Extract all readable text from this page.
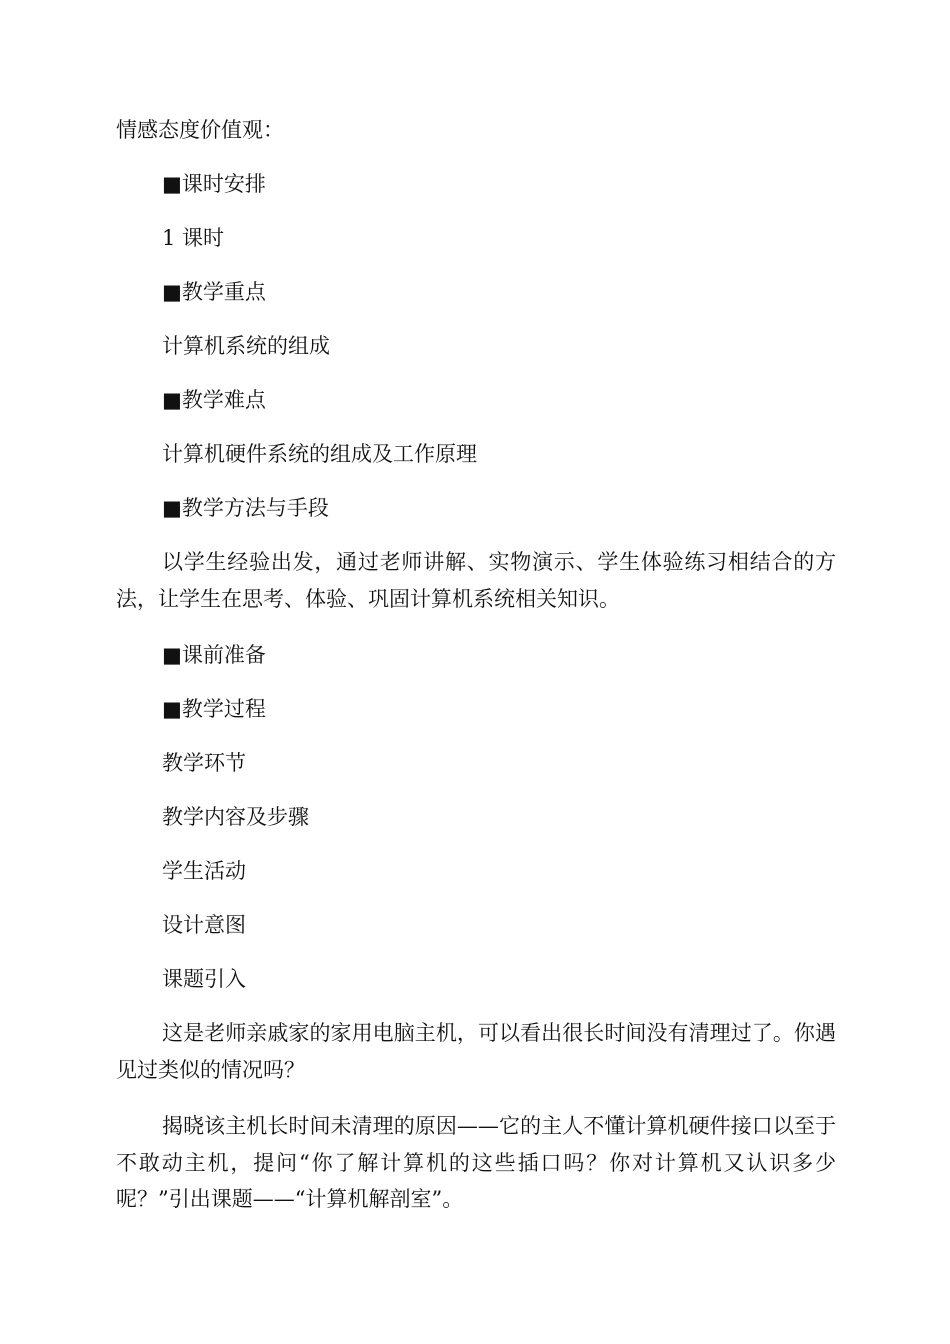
情感态度价值观：
■课时安排
1 课时
■教学重点
计算机系统的组成
■教学难点
计算机硬件系统的组成及工作原理
■教学方法与手段
以学生经验出发，通过老师讲解、实物演示、学生体验练习相结合的方法，让学生在思考、体验、巩固计算机系统相关知识。
■课前准备
■教学过程
教学环节
教学内容及步骤
学生活动
设计意图
课题引入
这是老师亲戚家的家用电脑主机，可以看出很长时间没有清理过了。你遇见过类似的情况吗？
揭晓该主机长时间未清理的原因——它的主人不懂计算机硬件接口以至于不敢动主机，提问“你了解计算机的这些插口吗？你对计算机又认识多少呢？”引出课题——“计算机解剖室”。
